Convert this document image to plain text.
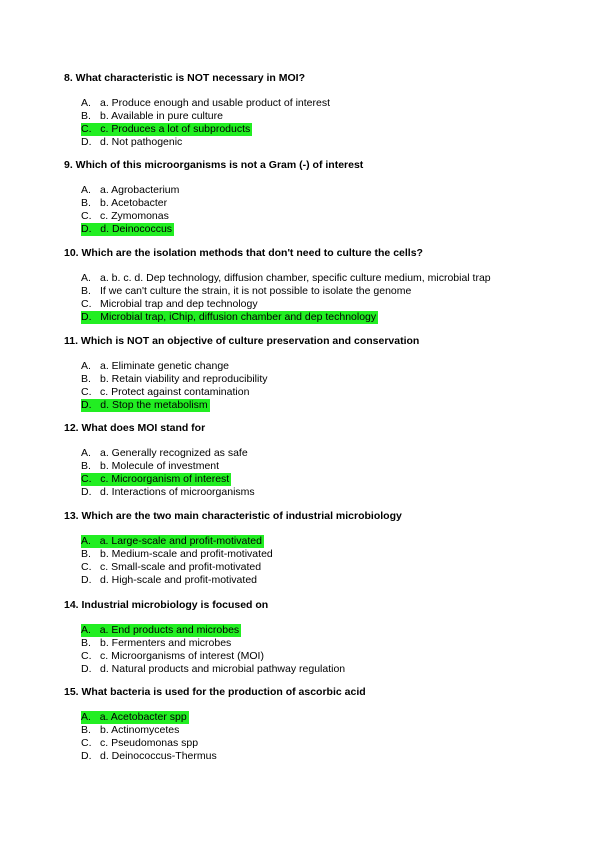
8. What characteristic is NOT necessary in MOI?
A. a. Produce enough and usable product of interest
B. b. Available in pure culture
C. c. Produces a lot of subproducts
D. d. Not pathogenic
9. Which of this microorganisms is not a Gram (-) of interest
A. a. Agrobacterium
B. b. Acetobacter
C. c. Zymomonas
D. d. Deinococcus
10. Which are the isolation methods that don't need to culture the cells?
A. a. b. c. d. Dep technology, diffusion chamber, specific culture medium, microbial trap
B. If we can't culture the strain, it is not possible to isolate the genome
C. Microbial trap and dep technology
D. Microbial trap, iChip, diffusion chamber and dep technology
11. Which is NOT an objective of culture preservation and conservation
A. a. Eliminate genetic change
B. b. Retain viability and reproducibility
C. c. Protect against contamination
D. d. Stop the metabolism
12. What does MOI stand for
A. a. Generally recognized as safe
B. b. Molecule of investment
C. c. Microorganism of interest
D. d. Interactions of microorganisms
13. Which are the two main characteristic of industrial microbiology
A. a. Large-scale and profit-motivated
B. b. Medium-scale and profit-motivated
C. c. Small-scale and profit-motivated
D. d. High-scale and profit-motivated
14. Industrial microbiology is focused on
A. a. End products and microbes
B. b. Fermenters and microbes
C. c. Microorganisms of interest (MOI)
D. d. Natural products and microbial pathway regulation
15. What bacteria is used for the production of ascorbic acid
A. a. Acetobacter spp
B. b. Actinomycetes
C. c. Pseudomonas spp
D. d. Deinococcus-Thermus
